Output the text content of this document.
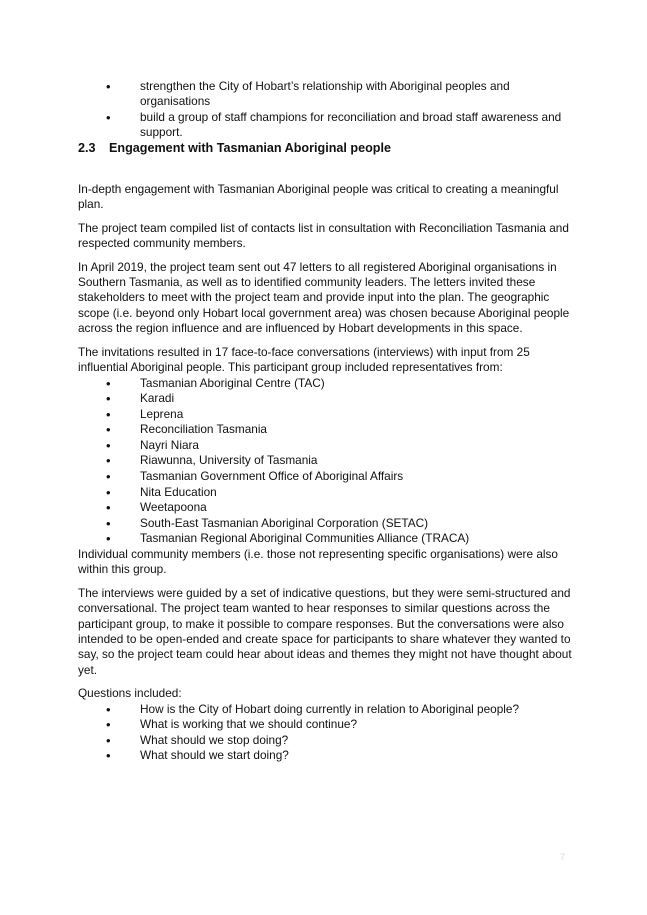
• strengthen the City of Hobart’s relationship with Aboriginal peoples and organisations
• build a group of staff champions for reconciliation and broad staff awareness and support.
2.3	Engagement with Tasmanian Aboriginal people

In-depth engagement with Tasmanian Aboriginal people was critical to creating a meaningful plan.

The project team compiled list of contacts list in consultation with Reconciliation Tasmania and respected community members.

In April 2019, the project team sent out 47 letters to all registered Aboriginal organisations in Southern Tasmania, as well as to identified community leaders. The letters invited these stakeholders to meet with the project team and provide input into the plan. The geographic scope (i.e. beyond only Hobart local government area) was chosen because Aboriginal people across the region influence and are influenced by Hobart developments in this space.

The invitations resulted in 17 face-to-face conversations (interviews) with input from 25 influential Aboriginal people. This participant group included representatives from:

• Tasmanian Aboriginal Centre (TAC)
• Karadi
• Leprena
• Reconciliation Tasmania
• Nayri Niara
• Riawunna, University of Tasmania
• Tasmanian Government Office of Aboriginal Affairs
• Nita Education
• Weetapoona
• South-East Tasmanian Aboriginal Corporation (SETAC)
• Tasmanian Regional Aboriginal Communities Alliance (TRACA)

Individual community members (i.e. those not representing specific organisations) were also within this group.

The interviews were guided by a set of indicative questions, but they were semi-structured and conversational. The project team wanted to hear responses to similar questions across the participant group, to make it possible to compare responses. But the conversations were also intended to be open-ended and create space for participants to share whatever they wanted to say, so the project team could hear about ideas and themes they might not have thought about yet.

Questions included:

• How is the City of Hobart doing currently in relation to Aboriginal people?
• What is working that we should continue?
• What should we stop doing?
• What should we start doing?
7
